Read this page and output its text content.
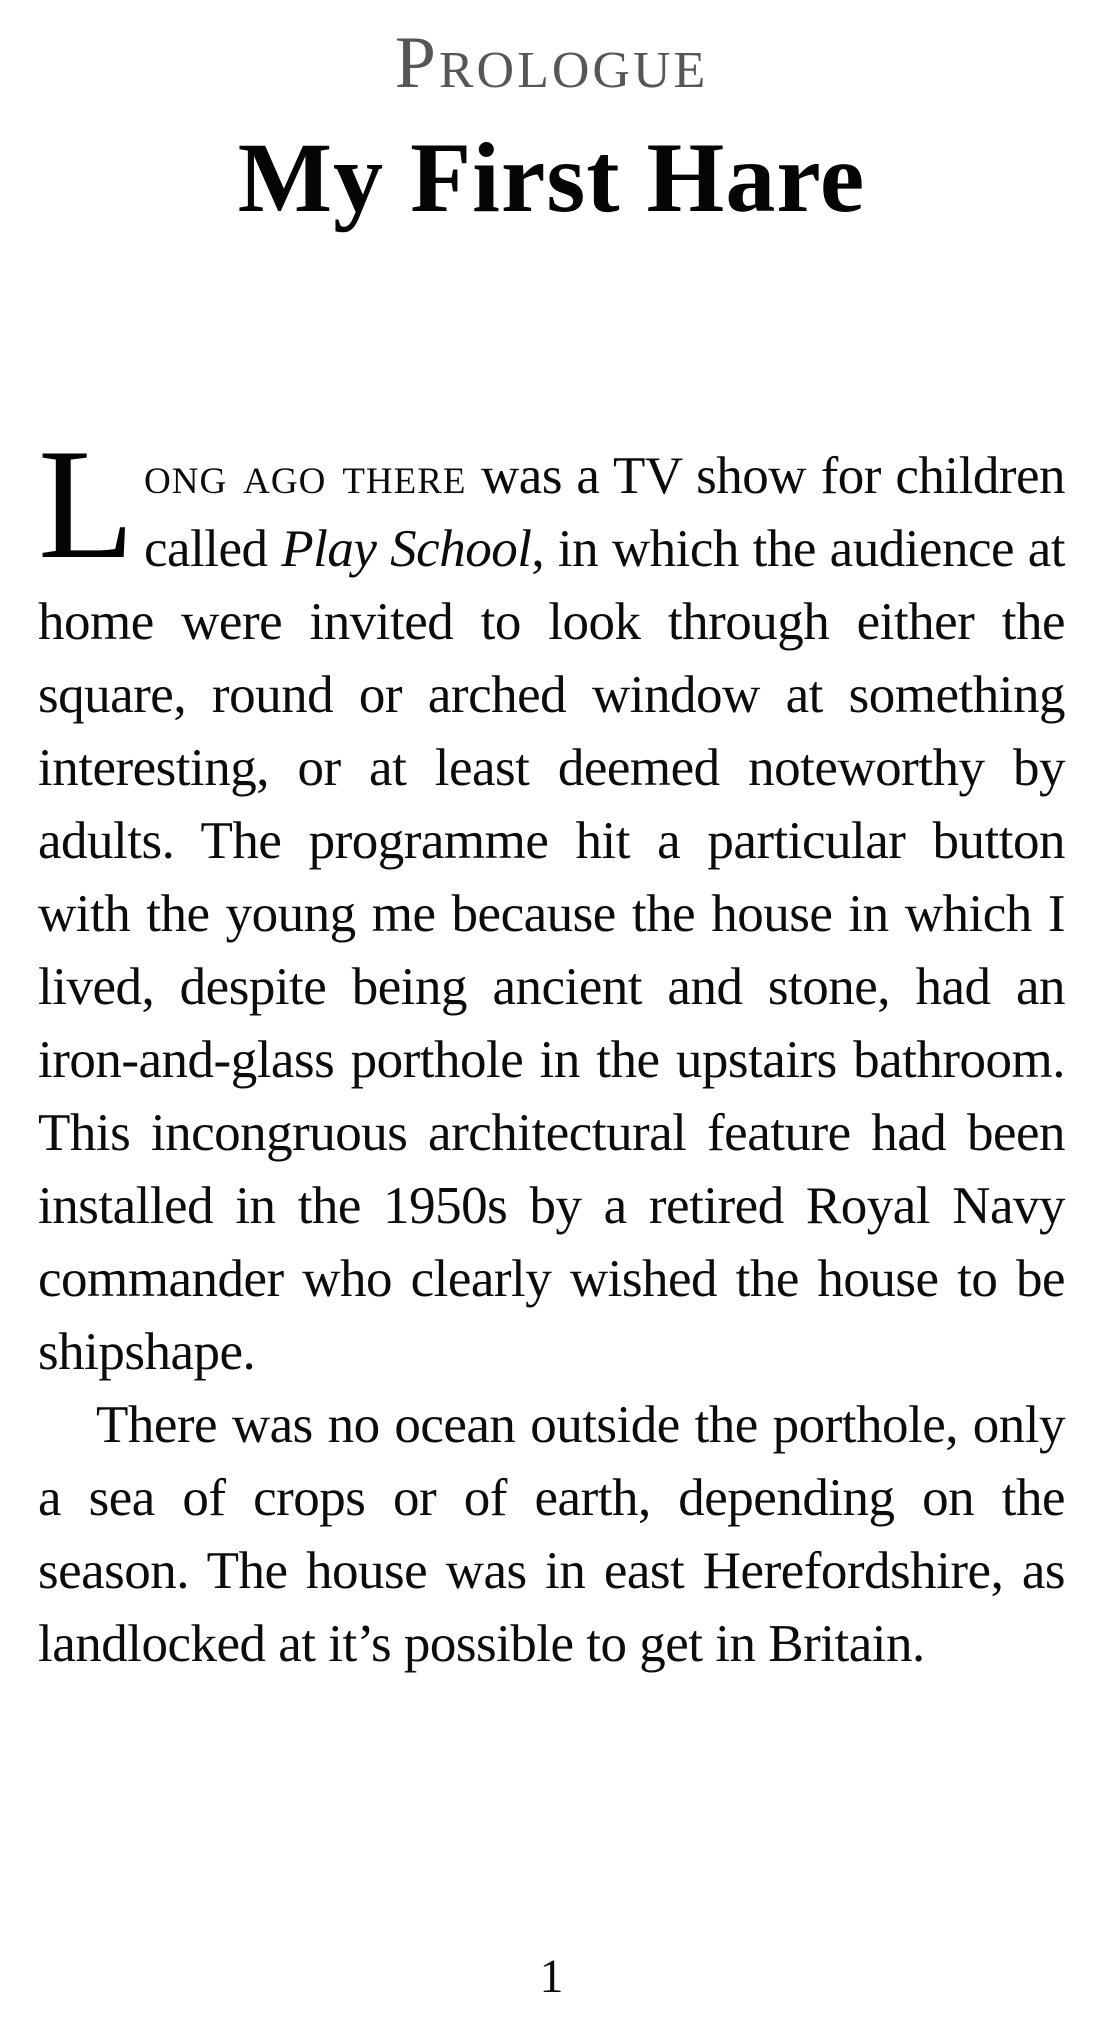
Prologue
My First Hare

Long ago there was a TV show for children called Play School, in which the audience at home were invited to look through either the square, round or arched window at something interesting, or at least deemed noteworthy by adults. The programme hit a particular button with the young me because the house in which I lived, despite being ancient and stone, had an iron-and-glass porthole in the upstairs bathroom. This incongruous architectural feature had been installed in the 1950s by a retired Royal Navy commander who clearly wished the house to be shipshape.

There was no ocean outside the porthole, only a sea of crops or of earth, depending on the season. The house was in east Herefordshire, as landlocked at it’s possible to get in Britain.

1
